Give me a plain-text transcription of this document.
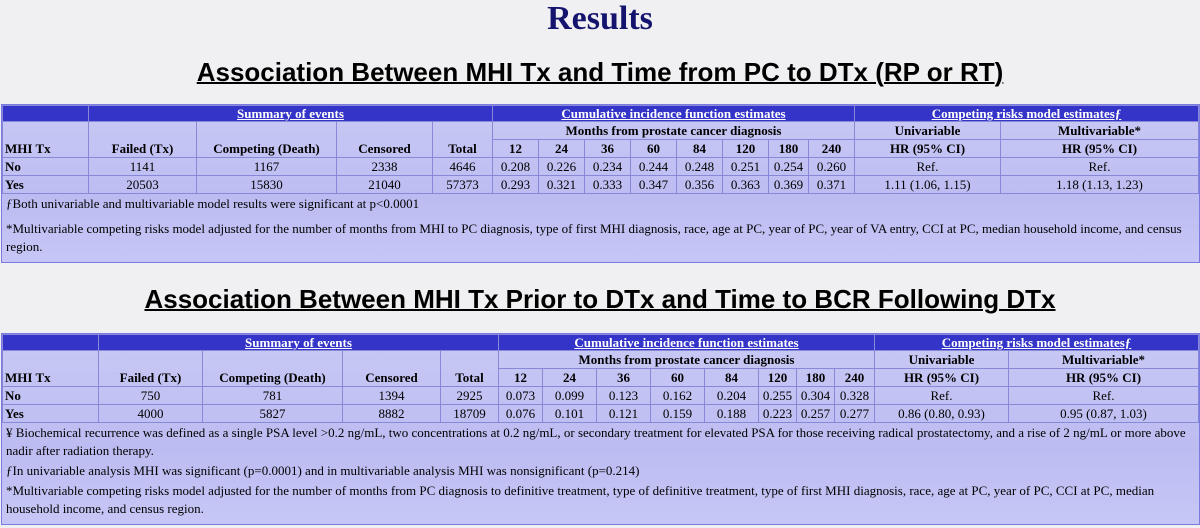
Results
Association Between MHI Tx and Time from PC to DTx (RP or RT)
	Summary of events				Cumulative incidence function estimates								Competing risks model estimatesƒ	
MHI Tx	Failed (Tx)	Competing (Death)	Censored	Total	Months from prostate cancer diagnosis								Univariable	Multivariable*
					12	24	36	60	84	120	180	240	HR (95% CI)	HR (95% CI)
No	1141	1167	2338	4646	0.208	0.226	0.234	0.244	0.248	0.251	0.254	0.260	Ref.	Ref.
Yes	20503	15830	21040	57373	0.293	0.321	0.333	0.347	0.356	0.363	0.369	0.371	1.11 (1.06, 1.15)	1.18 (1.13, 1.23)
ƒBoth univariable and multivariable model results were significant at p<0.0001
*Multivariable competing risks model adjusted for the number of months from MHI to PC diagnosis, type of first MHI diagnosis, race, age at PC, year of PC, year of VA entry, CCI at PC, median household income, and census region.
Association Between MHI Tx Prior to DTx and Time to BCR Following DTx
	Summary of events				Cumulative incidence function estimates								Competing risks model estimatesƒ	
MHI Tx	Failed (Tx)	Competing (Death)	Censored	Total	Months from prostate cancer diagnosis								Univariable	Multivariable*
					12	24	36	60	84	120	180	240	HR (95% CI)	HR (95% CI)
No	750	781	1394	2925	0.073	0.099	0.123	0.162	0.204	0.255	0.304	0.328	Ref.	Ref.
Yes	4000	5827	8882	18709	0.076	0.101	0.121	0.159	0.188	0.223	0.257	0.277	0.86 (0.80, 0.93)	0.95 (0.87, 1.03)
¥ Biochemical recurrence was defined as a single PSA level >0.2 ng/mL, two concentrations at 0.2 ng/mL, or secondary treatment for elevated PSA for those receiving radical prostatectomy, and a rise of 2 ng/mL or more above nadir after radiation therapy.
ƒIn univariable analysis MHI was significant (p=0.0001) and in multivariable analysis MHI was nonsignificant (p=0.214)
*Multivariable competing risks model adjusted for the number of months from PC diagnosis to definitive treatment, type of definitive treatment, type of first MHI diagnosis, race, age at PC, year of PC, CCI at PC, median household income, and census region.
